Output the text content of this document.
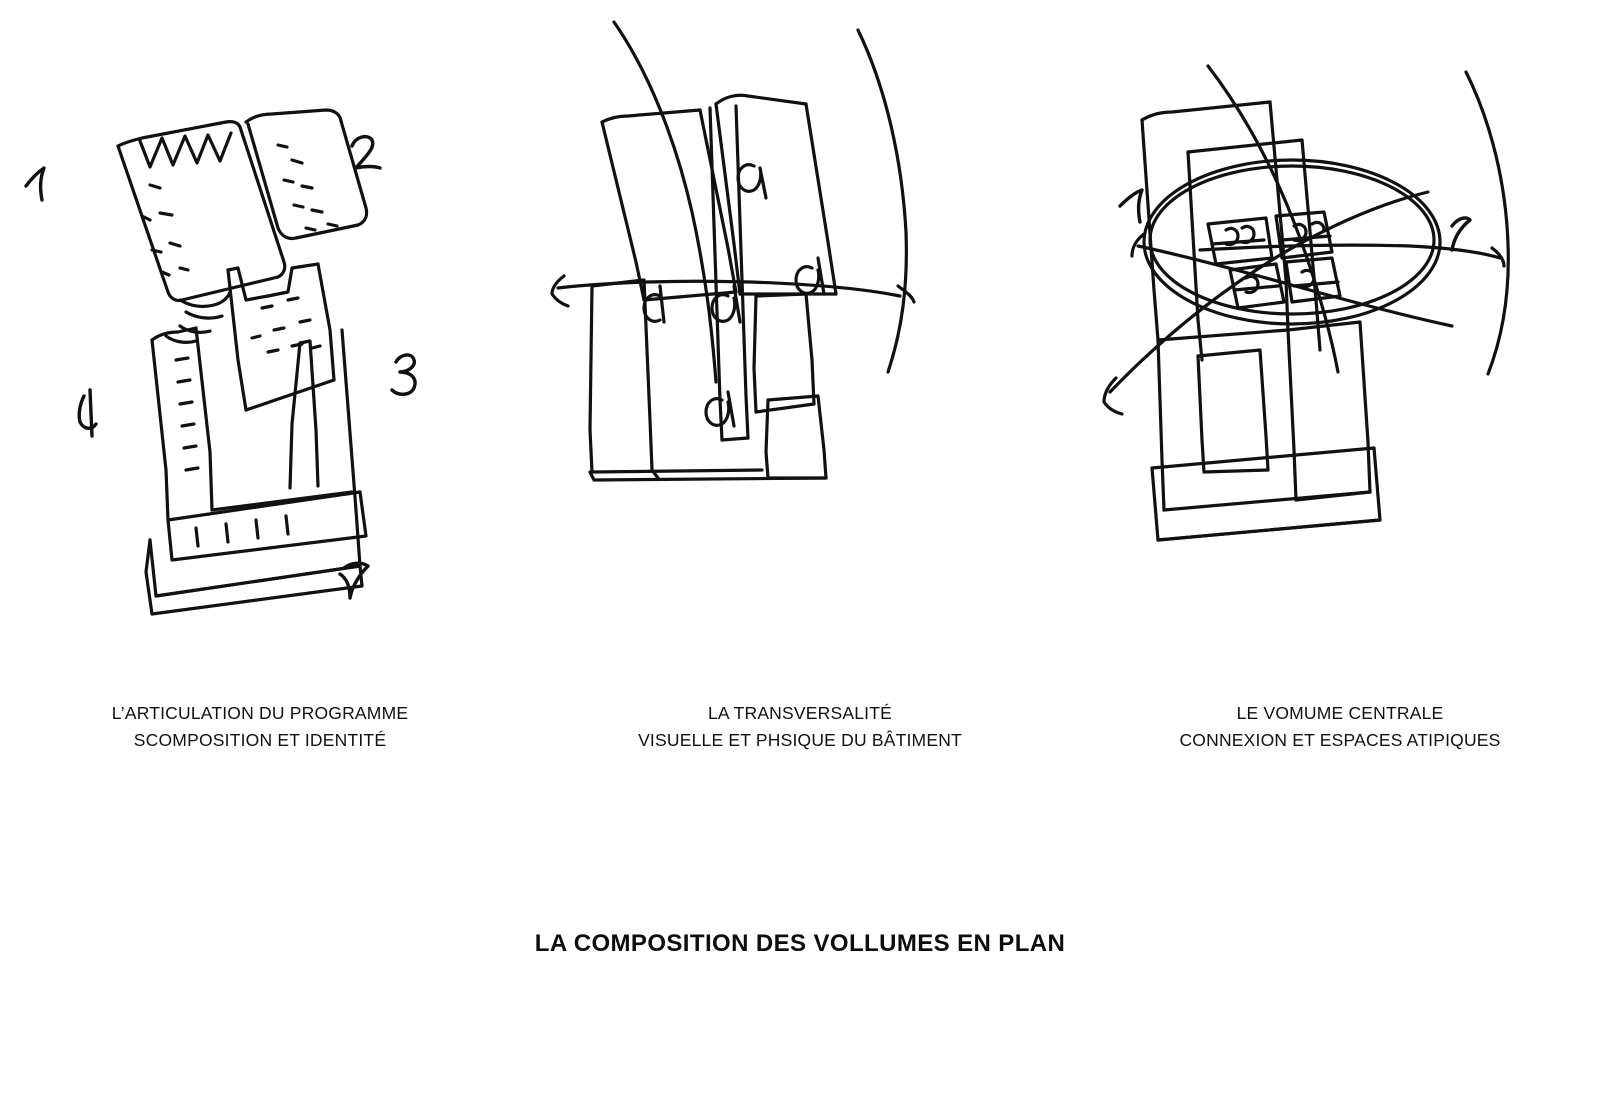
L’ARTICULATION DU PROGRAMME
SCOMPOSITION ET IDENTITÉ
LA TRANSVERSALITÉ
VISUELLE ET PHSIQUE DU BÂTIMENT
LE VOMUME CENTRALE
CONNEXION ET ESPACES ATIPIQUES
LA COMPOSITION DES VOLLUMES EN PLAN
